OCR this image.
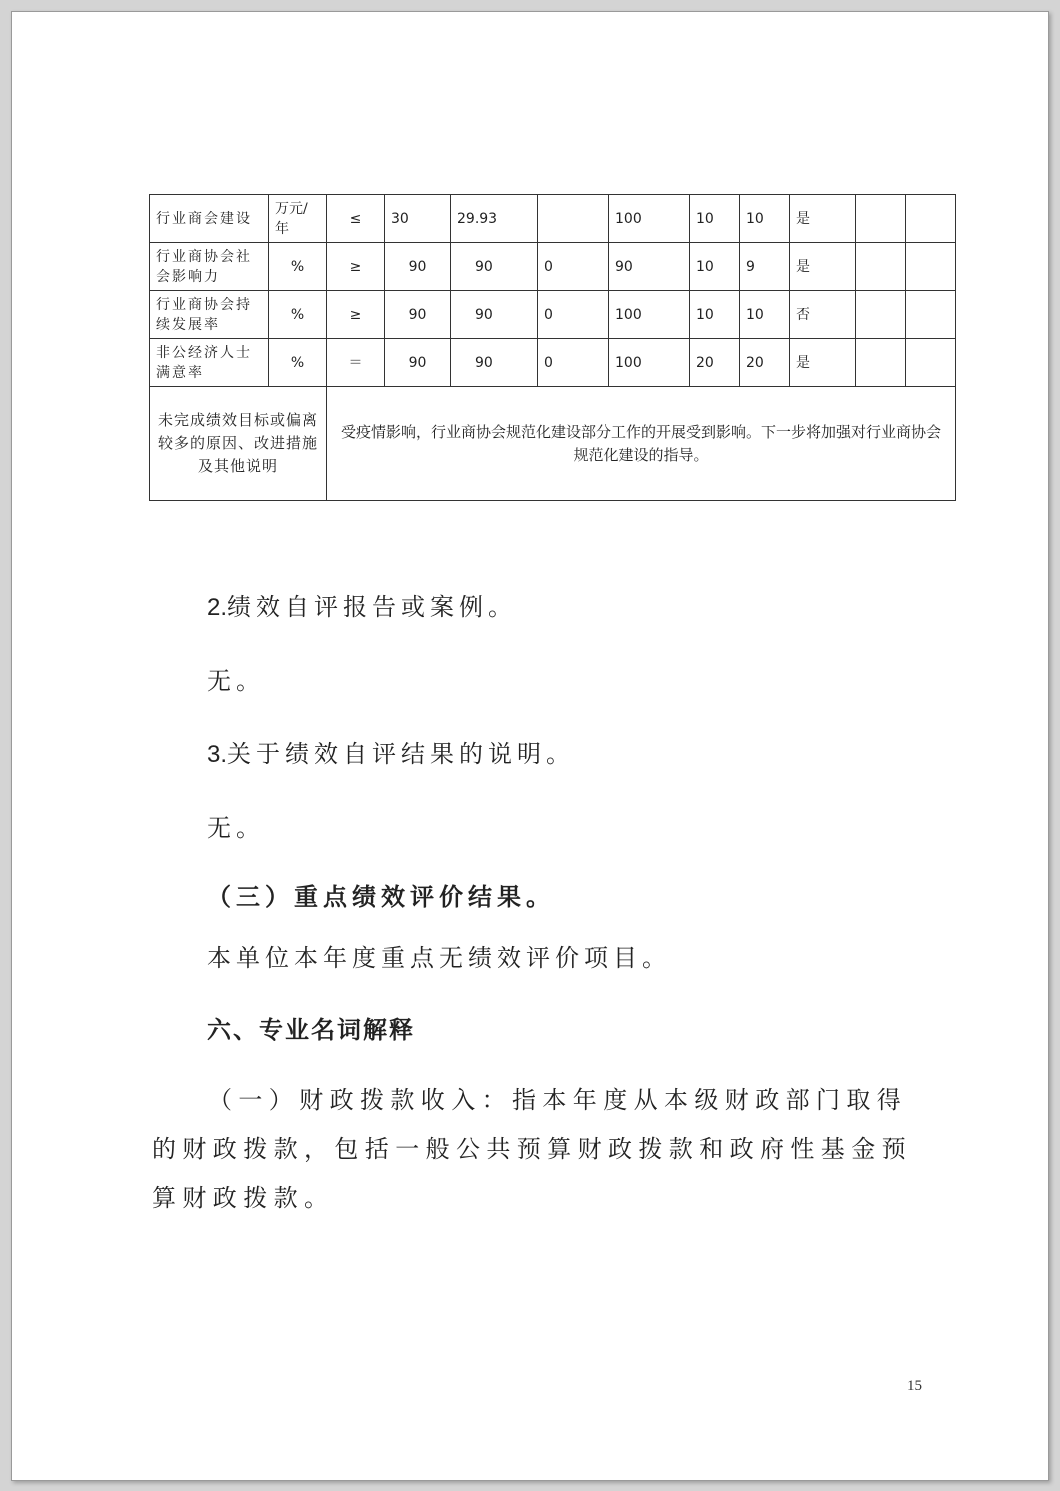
行业商会建设	万元/年	≤	30	29.93		100	10	10	是		
行业商协会社会影响力	%	≥	90	90	0	90	10	9	是		
行业商协会持续发展率	%	≥	90	90	0	100	10	10	否		
非公经济人士满意率	%	＝	90	90	0	100	20	20	是		
未完成绩效目标或偏离较多的原因、改进措施及其他说明		受疫情影响，行业商协会规范化建设部分工作的开展受到影响。下一步将加强对行业商协会规范化建设的指导。									

2.绩效自评报告或案例。

无。

3.关于绩效自评结果的说明。

无。

（三）重点绩效评价结果。

本单位本年度重点无绩效评价项目。

六、专业名词解释

（一）财政拨款收入：指本年度从本级财政部门取得的财政拨款，包括一般公共预算财政拨款和政府性基金预算财政拨款。

15
